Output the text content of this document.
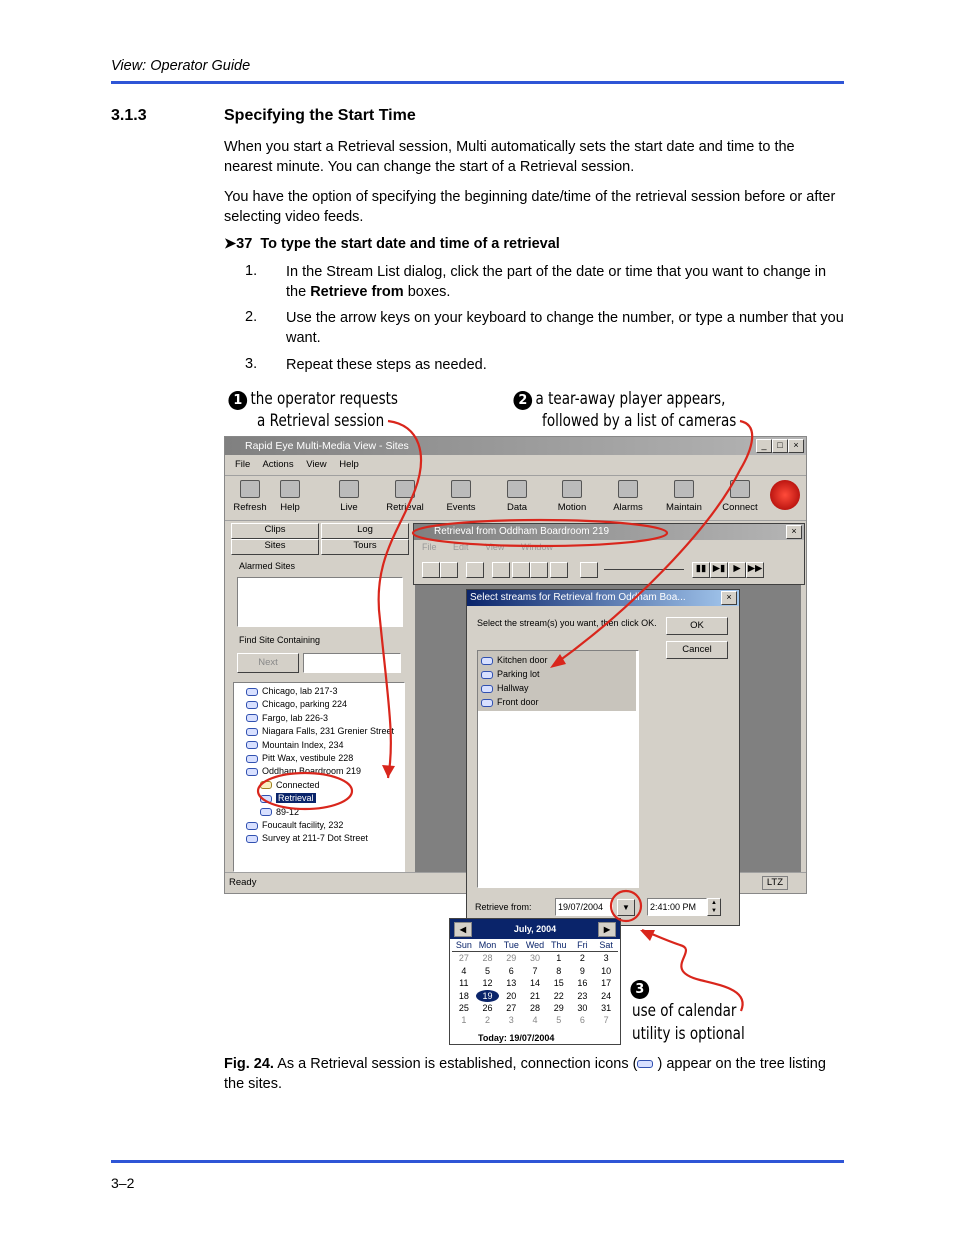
View: Operator Guide
3.1.3	Specifying the Start Time
When you start a Retrieval session, Multi automatically sets the start date and time to the nearest minute. You can change the start of a Retrieval session.
You have the option of specifying the beginning date/time of the retrieval session before or after selecting video feeds.
➤37 To type the start date and time of a retrieval
1. In the Stream List dialog, click the part of the date or time that you want to change in the Retrieve from boxes.
2. Use the arrow keys on your keyboard to change the number, or type a number that you want.
3. Repeat these steps as needed.
1 the operator requests
a Retrieval session
2 a tear-away player appears,
followed by a list of cameras
3
use of calendar
utility is optional
Rapid Eye Multi-Media View - Sites	_	□	×
File Actions View Help
Refresh	Help	Live	Retrieval	Events	Data	Motion	Alarms	Maintain	Connect
Clips	Log
Sites	Tours
Alarmed Sites
Find Site Containing
Next
Chicago, lab 217-3
Chicago, parking 224
Fargo, lab 226-3
Niagara Falls, 231 Grenier Street
Mountain Index, 234
Pitt Wax, vestibule 228
Oddham Boardroom 219
Connected
Retrieval
89-12
Foucault facility, 232
Survey at 211-7 Dot Street
Retrieval from Oddham Boardroom 219	×
File Edit View Window
▮▮ ▶▮ ▶ ▶▶
Ready	LTZ
Select streams for Retrieval from Oddham Boa...	×
Select the stream(s) you want, then click OK.	OK
Cancel
Kitchen door
Parking lot
Hallway
Front door
Retrieve from:	19/07/2004	▼	2:41:00 PM	▲
▼
◀	July, 2004	▶
Sun Mon Tue Wed Thu	Fri	Sat
27	28	29	30	1	2	3
4	5	6	7	8	9	10
11	12	13	14	15	16	17
18	19	20	21	22	23	24
25	26	27	28	29	30	31
1	2	3	4	5	6	7
Today: 19/07/2004
Fig. 24. As a Retrieval session is established, connection icons ( ) appear on the tree listing the sites.
3–2
